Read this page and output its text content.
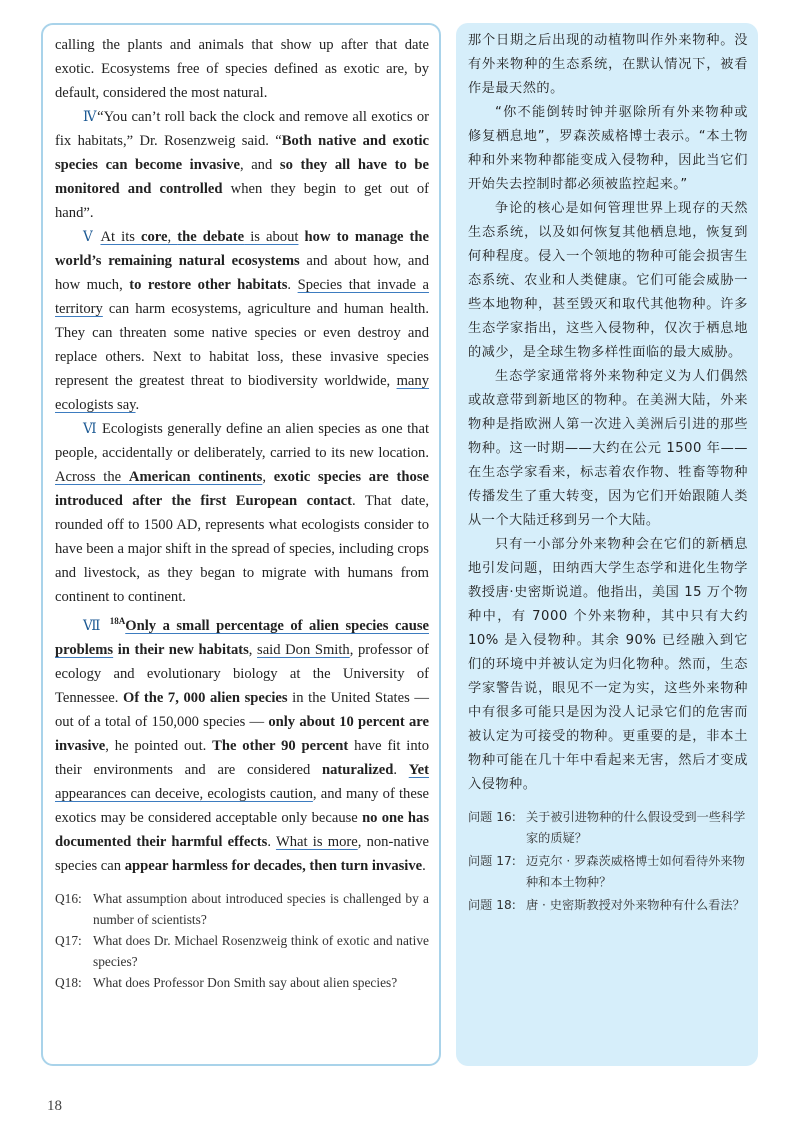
calling the plants and animals that show up after that date exotic. Ecosystems free of species defined as exotic are, by default, considered the most natural.

Ⅳ“You can’t roll back the clock and remove all exotics or fix habitats,” Dr. Rosenzweig said. “Both native and exotic species can become invasive, and so they all have to be monitored and controlled when they begin to get out of hand”.

Ⅴ At its core, the debate is about how to manage the world’s remaining natural ecosystems and about how, and how much, to restore other habitats. Species that invade a territory can harm ecosystems, agriculture and human health. They can threaten some native species or even destroy and replace others. Next to habitat loss, these invasive species represent the greatest threat to biodiversity worldwide, many ecologists say.

Ⅵ Ecologists generally define an alien species as one that people, accidentally or deliberately, carried to its new location. Across the American continents, exotic species are those introduced after the first European contact. That date, rounded off to 1500 AD, represents what ecologists consider to have been a major shift in the spread of species, including crops and livestock, as they began to migrate with humans from continent to continent.

Ⅶ $^{18A}$Only a small percentage of alien species cause problems in their new habitats, said Don Smith, professor of ecology and evolutionary biology at the University of Tennessee. Of the 7, 000 alien species in the United States — out of a total of 150,000 species — only about 10 percent are invasive, he pointed out. The other 90 percent have fit into their environments and are considered naturalized. Yet appearances can deceive, ecologists caution, and many of these exotics may be considered acceptable only because no one has documented their harmful effects. What is more, non-native species can appear harmless for decades, then turn invasive.

Q16: What assumption about introduced species is challenged by a number of scientists?
Q17: What does Dr. Michael Rosenzweig think of exotic and native species?
Q18: What does Professor Don Smith say about alien species?

那个日期之后出现的动植物叫作外来物种。没有外来物种的生态系统，在默认情况下，被看作是最天然的。

“你不能倒转时钟并驱除所有外来物种或修复栖息地”，罗森茨威格博士表示。“本土物种和外来物种都能变成入侵物种，因此当它们开始失去控制时都必须被监控起来。”

争论的核心是如何管理世界上现存的天然生态系统，以及如何恢复其他栖息地，恢复到何种程度。侵入一个领地的物种可能会损害生态系统、农业和人类健康。它们可能会威胁一些本地物种，甚至毁灭和取代其他物种。许多生态学家指出，这些入侵物种，仅次于栖息地的减少，是全球生物多样性面临的最大威胁。

生态学家通常将外来物种定义为人们偶然或故意带到新地区的物种。在美洲大陆，外来物种是指欧洲人第一次进入美洲后引进的那些物种。这一时期——大约在公元 1500 年——在生态学家看来，标志着农作物、牲畜等物种传播发生了重大转变，因为它们开始跟随人类从一个大陆迁移到另一个大陆。

只有一小部分外来物种会在它们的新栖息地引发问题，田纳西大学生态学和进化生物学教授唐·史密斯说道。他指出，美国 15 万个物种中，有 7000 个外来物种，其中只有大约 10% 是入侵物种。其余 90% 已经融入到它们的环境中并被认定为归化物种。然而，生态学家警告说，眼见不一定为实，这些外来物种中有很多可能只是因为没人记录它们的危害而被认定为可接受的物种。更重要的是，非本土物种可能在几十年中看起来无害，然后才变成入侵物种。

问题 16: 关于被引进物种的什么假设受到一些科学家的质疑？
问题 17: 迈克尔 · 罗森茨威格博士如何看待外来物种和本土物种？
问题 18: 唐 · 史密斯教授对外来物种有什么看法？
18
